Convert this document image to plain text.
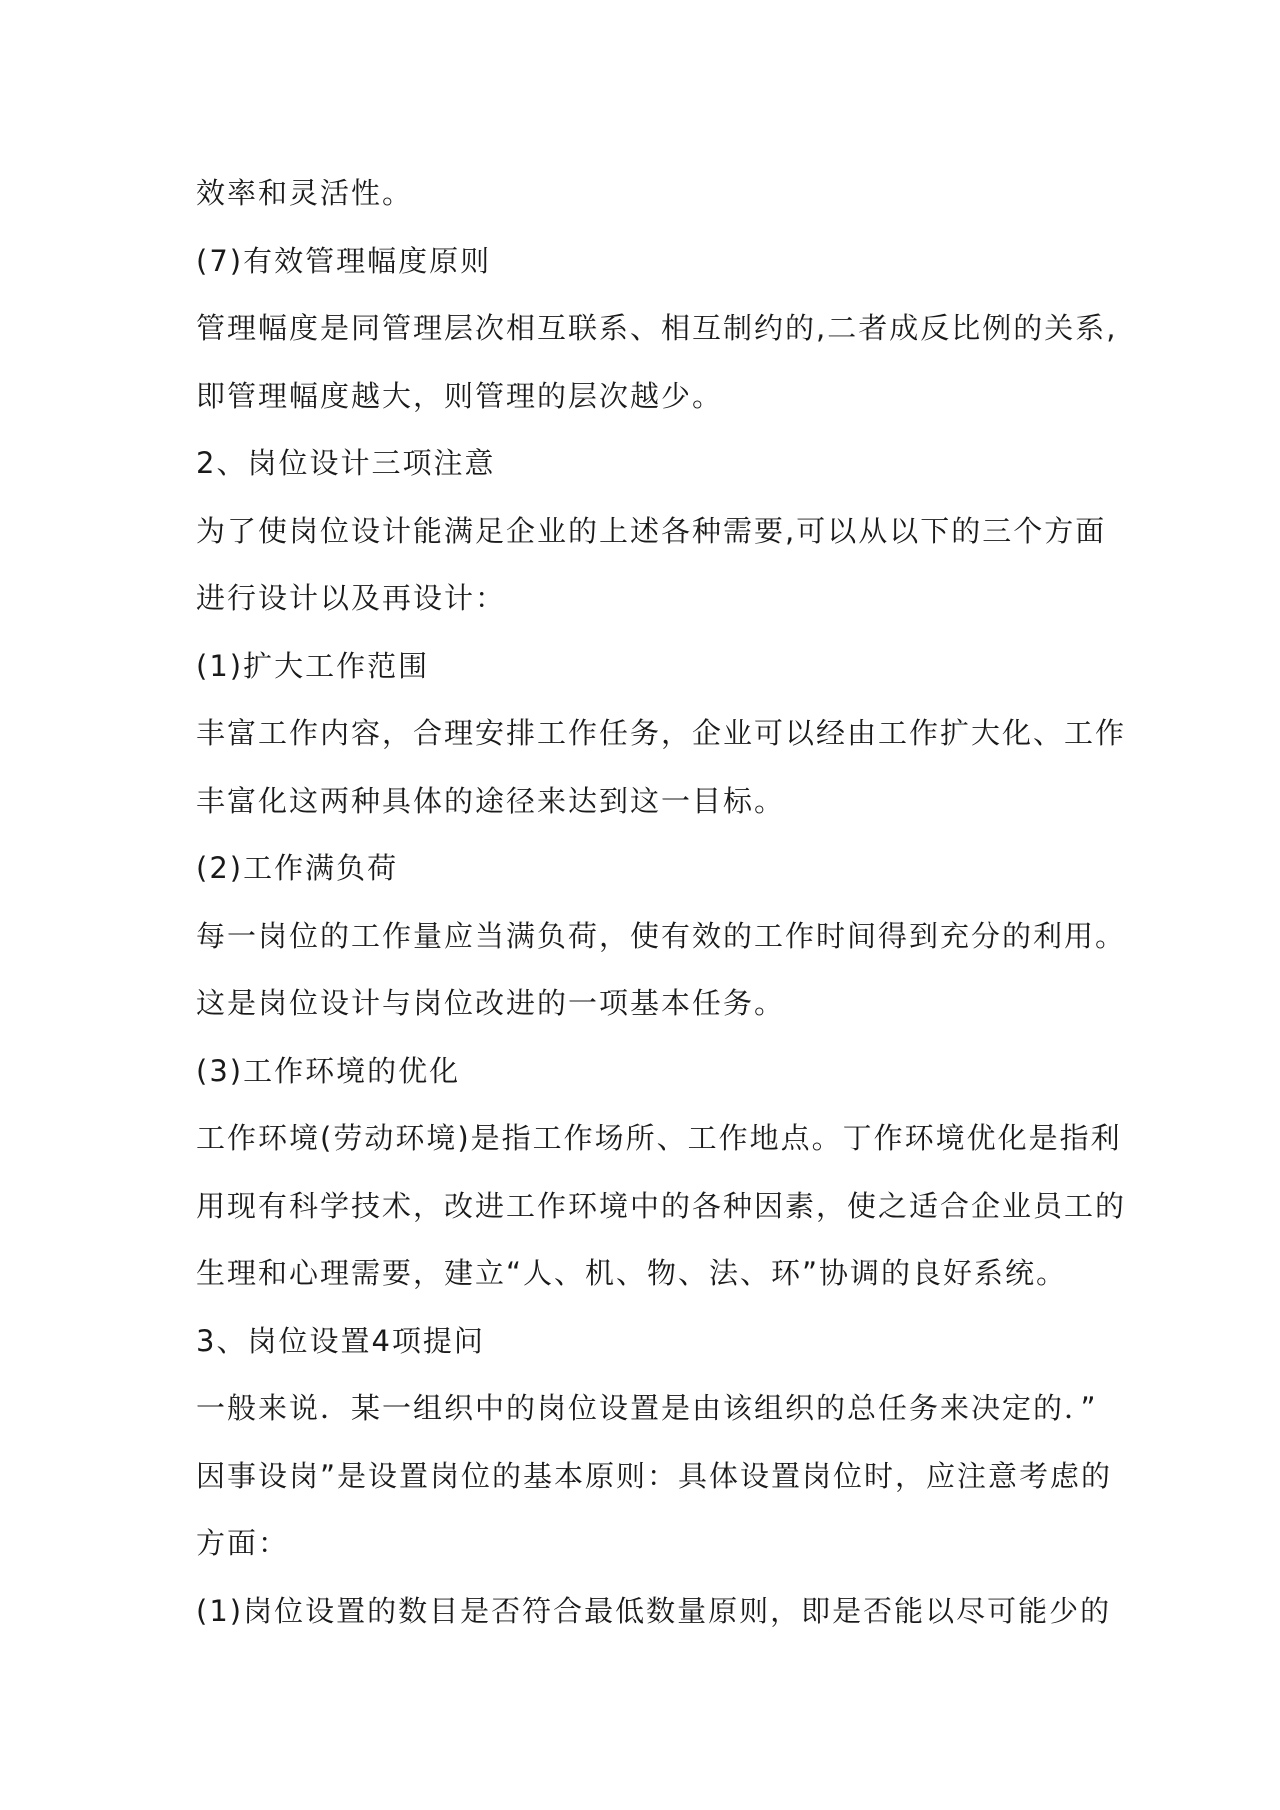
效率和灵活性。
(7)有效管理幅度原则
管理幅度是同管理层次相互联系、相互制约的,二者成反比例的关系,
即管理幅度越大，则管理的层次越少。
2、岗位设计三项注意
为了使岗位设计能满足企业的上述各种需要,可以从以下的三个方面
进行设计以及再设计：
(1)扩大工作范围
丰富工作内容，合理安排工作任务，企业可以经由工作扩大化、工作
丰富化这两种具体的途径来达到这一目标。
(2)工作满负荷
每一岗位的工作量应当满负荷，使有效的工作时间得到充分的利用。
这是岗位设计与岗位改进的一项基本任务。
(3)工作环境的优化
工作环境(劳动环境)是指工作场所、工作地点。丁作环境优化是指利
用现有科学技术，改进工作环境中的各种因素，使之适合企业员工的
生理和心理需要，建立“人、机、物、法、环”协调的良好系统。
3、岗位设置4项提问
一般来说．某一组织中的岗位设置是由该组织的总任务来决定的．”
因事设岗”是设置岗位的基本原则：具体设置岗位时，应注意考虑的
方面：
(1)岗位设置的数目是否符合最低数量原则，即是否能以尽可能少的
